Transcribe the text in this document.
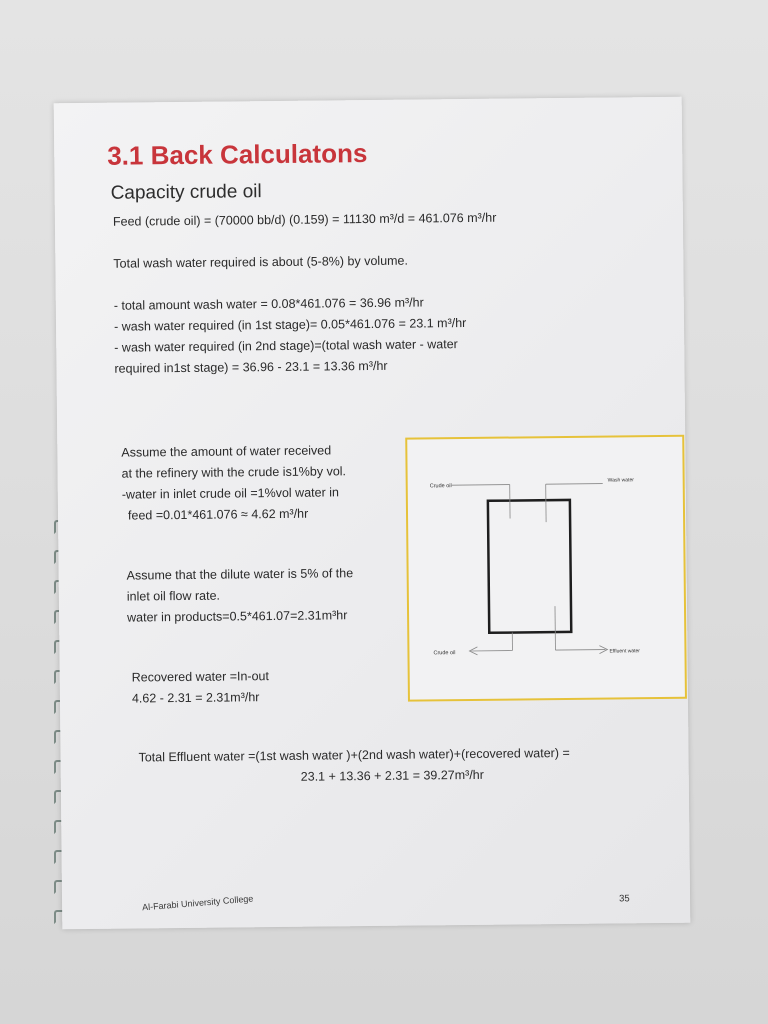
3.1 Back Calculatons
Capacity crude oil
Feed (crude oil) = (70000 bb/d) (0.159) = 11130 m³/d = 461.076 m³/hr
Total wash water required is about (5-8%) by volume.
- total amount wash water = 0.08*461.076 = 36.96 m³/hr
- wash water required (in 1st stage)= 0.05*461.076 = 23.1 m³/hr
- wash water required (in 2nd stage)=(total wash water - water
required in1st stage) = 36.96 - 23.1 = 13.36 m³/hr
Assume the amount of water received
at the refinery with the crude is1%by vol.
-water in inlet crude oil =1%vol water in
feed =0.01*461.076 ≈ 4.62 m³/hr
Assume that the dilute water is 5% of the
inlet oil flow rate.
water in products=0.5*461.07=2.31m³hr
Recovered water =In-out
4.62 - 2.31 = 2.31m³/hr
Total Effluent water =(1st wash water )+(2nd wash water)+(recovered water) =
23.1 + 13.36 + 2.31 = 39.27m³/hr
Crude oil
Wash water
Crude oil	Effluent water
Al-Farabi University College	35
